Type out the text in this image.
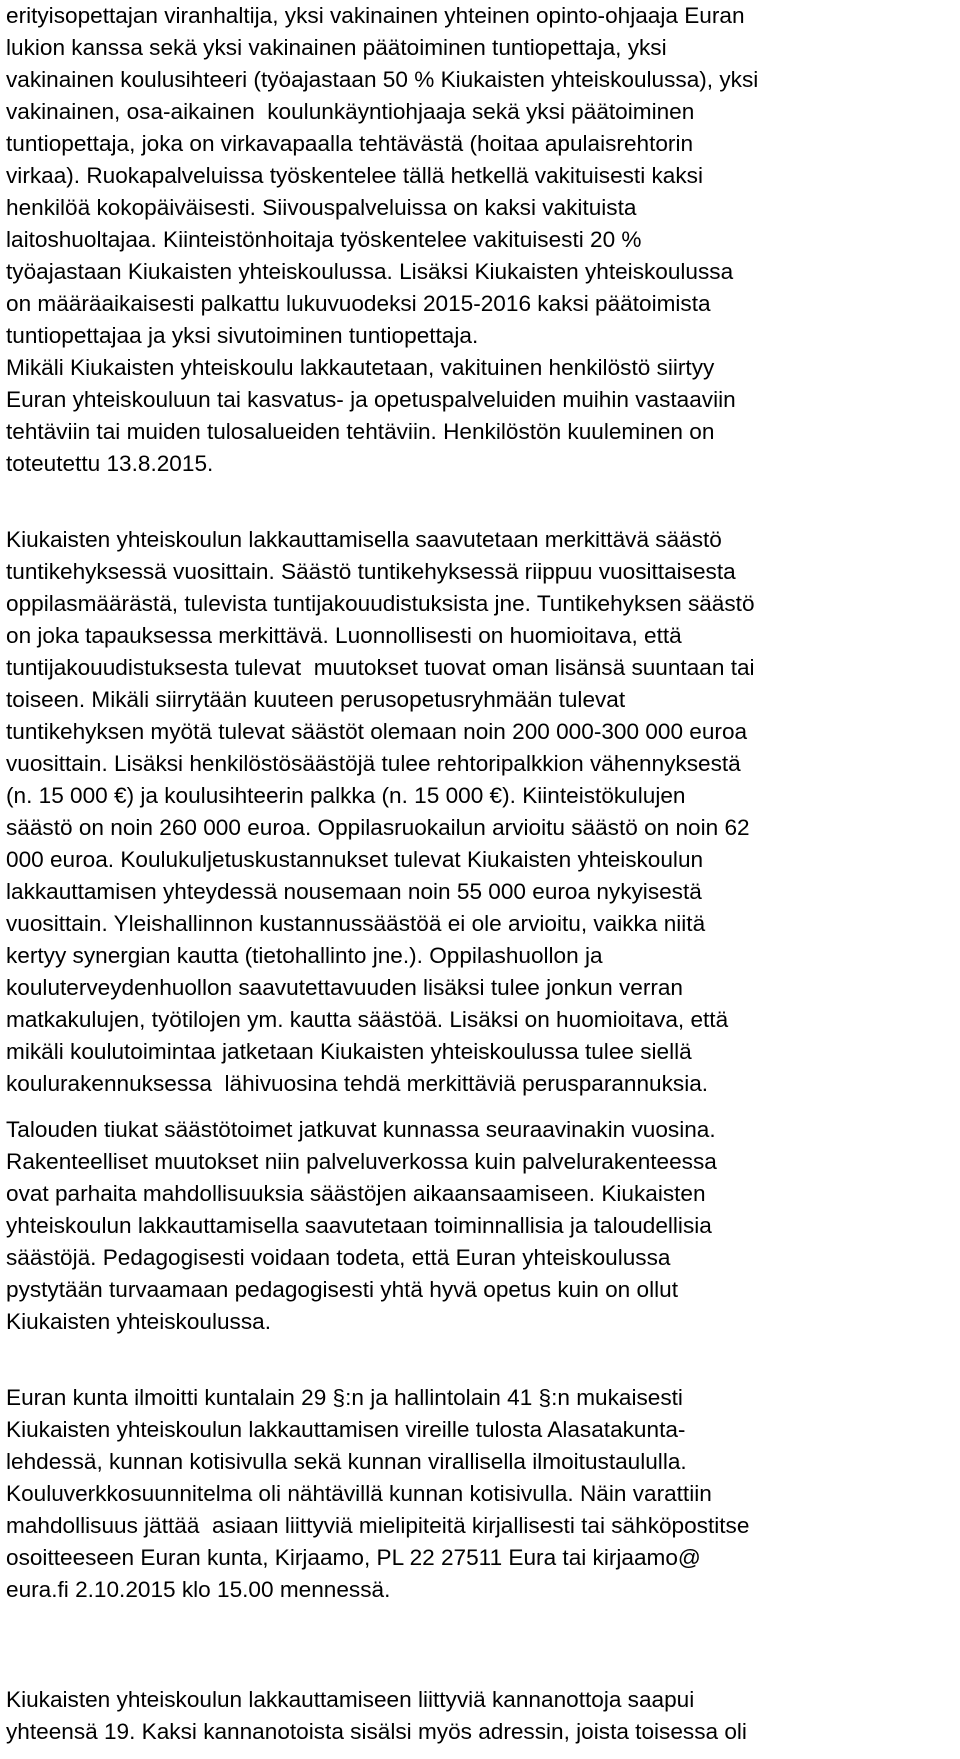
erityisopettajan viranhaltija, yksi vakinainen yhteinen opinto-ohjaaja Euran
lukion kanssa sekä yksi vakinainen päätoiminen tuntiopettaja, yksi
vakinainen koulusihteeri (työajastaan 50 % Kiukaisten yhteiskoulussa), yksi
vakinainen, osa-aikainen  koulunkäyntiohjaaja sekä yksi päätoiminen
tuntiopettaja, joka on virkavapaalla tehtävästä (hoitaa apulaisrehtorin
virkaa). Ruokapalveluissa työskentelee tällä hetkellä vakituisesti kaksi
henkilöä kokopäiväisesti. Siivouspalveluissa on kaksi vakituista
laitoshuoltajaa. Kiinteistönhoitaja työskentelee vakituisesti 20 %
työajastaan Kiukaisten yhteiskoulussa. Lisäksi Kiukaisten yhteiskoulussa
on määräaikaisesti palkattu lukuvuodeksi 2015-2016 kaksi päätoimista
tuntiopettajaa ja yksi sivutoiminen tuntiopettaja.
Mikäli Kiukaisten yhteiskoulu lakkautetaan, vakituinen henkilöstö siirtyy
Euran yhteiskouluun tai kasvatus- ja opetuspalveluiden muihin vastaaviin
tehtäviin tai muiden tulosalueiden tehtäviin. Henkilöstön kuuleminen on
toteutettu 13.8.2015.
Kiukaisten yhteiskoulun lakkauttamisella saavutetaan merkittävä säästö
tuntikehyksessä vuosittain. Säästö tuntikehyksessä riippuu vuosittaisesta
oppilasmäärästä, tulevista tuntijakouudistuksista jne. Tuntikehyksen säästö
on joka tapauksessa merkittävä. Luonnollisesti on huomioitava, että
tuntijakouudistuksesta tulevat  muutokset tuovat oman lisänsä suuntaan tai
toiseen. Mikäli siirrytään kuuteen perusopetusryhmään tulevat
tuntikehyksen myötä tulevat säästöt olemaan noin 200 000-300 000 euroa
vuosittain. Lisäksi henkilöstösäästöjä tulee rehtoripalkkion vähennyksestä
(n. 15 000 €) ja koulusihteerin palkka (n. 15 000 €). Kiinteistökulujen
säästö on noin 260 000 euroa. Oppilasruokailun arvioitu säästö on noin 62
000 euroa. Koulukuljetuskustannukset tulevat Kiukaisten yhteiskoulun
lakkauttamisen yhteydessä nousemaan noin 55 000 euroa nykyisestä
vuosittain. Yleishallinnon kustannussäästöä ei ole arvioitu, vaikka niitä
kertyy synergian kautta (tietohallinto jne.). Oppilashuollon ja
kouluterveydenhuollon saavutettavuuden lisäksi tulee jonkun verran
matkakulujen, työtilojen ym. kautta säästöä. Lisäksi on huomioitava, että
mikäli koulutoimintaa jatketaan Kiukaisten yhteiskoulussa tulee siellä
koulurakennuksessa  lähivuosina tehdä merkittäviä perusparannuksia.
Talouden tiukat säästötoimet jatkuvat kunnassa seuraavinakin vuosina.
Rakenteelliset muutokset niin palveluverkossa kuin palvelurakenteessa
ovat parhaita mahdollisuuksia säästöjen aikaansaamiseen. Kiukaisten
yhteiskoulun lakkauttamisella saavutetaan toiminnallisia ja taloudellisia
säästöjä. Pedagogisesti voidaan todeta, että Euran yhteiskoulussa
pystytään turvaamaan pedagogisesti yhtä hyvä opetus kuin on ollut
Kiukaisten yhteiskoulussa.
Euran kunta ilmoitti kuntalain 29 §:n ja hallintolain 41 §:n mukaisesti
Kiukaisten yhteiskoulun lakkauttamisen vireille tulosta Alasatakunta-
lehdessä, kunnan kotisivulla sekä kunnan virallisella ilmoitustaululla.
Kouluverkkosuunnitelma oli nähtävillä kunnan kotisivulla. Näin varattiin
mahdollisuus jättää  asiaan liittyviä mielipiteitä kirjallisesti tai sähköpostitse
osoitteeseen Euran kunta, Kirjaamo, PL 22 27511 Eura tai kirjaamo@
eura.fi 2.10.2015 klo 15.00 mennessä.
Kiukaisten yhteiskoulun lakkauttamiseen liittyviä kannanottoja saapui
yhteensä 19. Kaksi kannanotoista sisälsi myös adressin, joista toisessa oli
